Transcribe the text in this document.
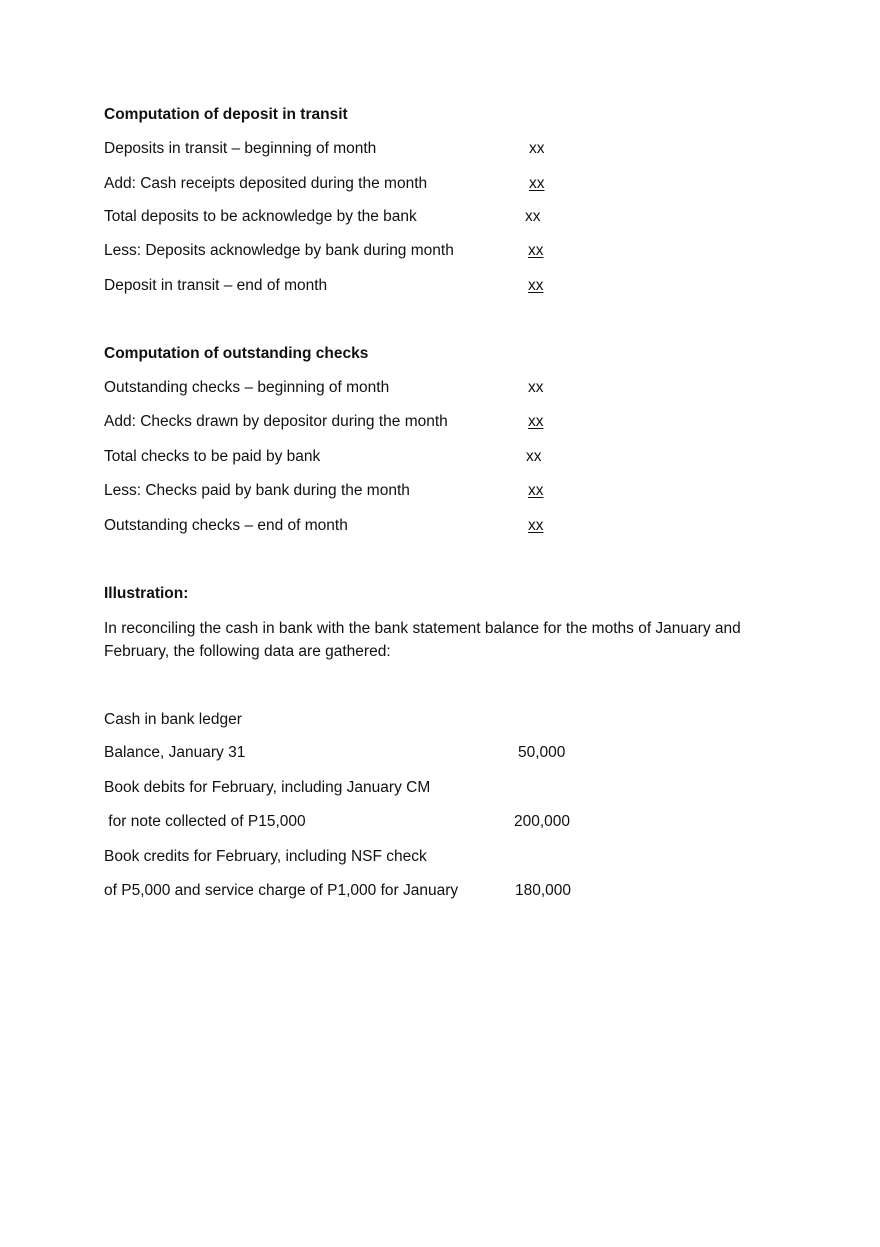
Computation of deposit in transit
Deposits in transit – beginning of month	xx
Add: Cash receipts deposited during the month	xx
Total deposits to be acknowledge by the bank	xx
Less: Deposits acknowledge by bank during month	xx
Deposit in transit – end of month	xx
Computation of outstanding checks
Outstanding checks – beginning of month	xx
Add: Checks drawn by depositor during the month	xx
Total checks to be paid by bank	xx
Less: Checks paid by bank during the month	xx
Outstanding checks – end of month	xx
Illustration:
In reconciling the cash in bank with the bank statement balance for the moths of January and February, the following data are gathered:
Cash in bank ledger
Balance, January 31	50,000
Book debits for February, including January CM
for note collected of P15,000	200,000
Book credits for February, including NSF check
of P5,000 and service charge of P1,000 for January	180,000
